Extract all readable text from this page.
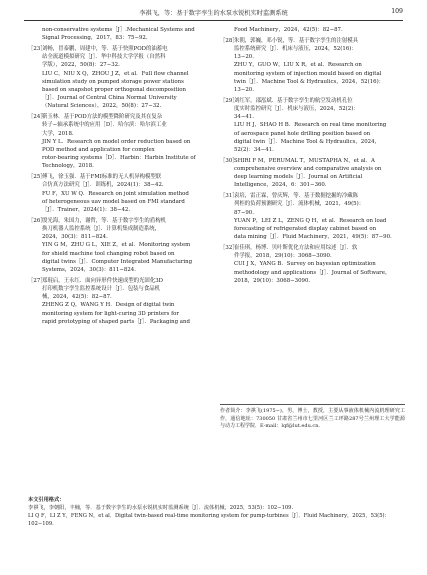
李祺飞，等：基于数字孪生的水泵水锐机实时监测系统	109
non-conservative systems［J］.Mechanical Systems and
Signal Processing，2017，83：75−92.
［23］
刘畅，冒泰鹏，周建中，等．基于快照POD的油蓄电
站全流道模拟研究［J］．华中科技大学学报（自然科
学版），2022，50(8)：27−32.
LIU C，NIU X Q，ZHOU J Z，et al．Full flow channel
simulation study on pumped storage power stations
based on snapshot proper orthogonal decomposition
［J］．Journal of Central China Normal University
（Natural Sciences），2022，50(8)：27−32.
［24］
靳玉林．基于POD方法的模型降阶研究及其在复杂
转子−轴承系统中的应用［D］．哈尔滨：哈尔滨工业
大学，2018.
JIN Y L．Research on model order reduction based on
POD method and application for complex
rotor-bearing systems［D］．Harbin：Harbin Institute of
Technology，2018.
［25］
傅飞，徐玉强．基于FMI标准的无人机异构模型联
合仿真方法研究［J］．训练机，2024(1)：38−42.
FU F，XU W Q．Research on joint simulation method
of heterogeneous uav model based on FMI standard
［J］．Trainer，2024(1)：38−42.
［26］
殷光海，朱国力，谢哲，等．基于数字孪生的盾构机
换刀机器人监控系统［J］．计算机集成制造系统，
2024，30(3)：811−824.
YIN G M，ZHU G L，XIE Z，et al．Monitoring system
for shield machine tool changing robot based on
digital twins［J］．Computer Integrated Manufacturing
Systems，2024，30(3)：811−824.
［27］
郑琨启，王永红．面向异形件快速成型的光固化3D
打印机数字孪生监控系统设计［J］．包装与食品机
械，2024，42(5)：82−87.
ZHENG Z Q，WANG Y H．Design of digital twin
monitoring system for light-curing 3D printers for
rapid prototyping of shaped parts［J］．Packaging and
Food Machinery，2024，42(5)：82−87.
［28］
朱朝，郭巍，邓小锐，等．基于数字孪生的注射模具
监控系统研究［J］．机床与液压，2024，52(16)：
13−20.
ZHU Y，GUO W，LIU X R，et al．Research on
monitoring system of injection mould based on digital
twin［J］．Machine Tool & Hydraulics，2024，52(16)：
13−20.
［29］
刘红军，邵泓斌．基于数字孪生的航空发动机孔位
度实时监控研究［J］．机床与液压，2024，52(2)：
34−41.
LIU H J，SHAO H B．Research on real time monitoring
of aerospace panel hole drilling position based on
digital twin［J］．Machine Tool & Hydraulics，2024，
52(2)：34−41.
［30］
SHIRI F M，PERUMAL T，MUSTAPHA N，et al．A
comprehensive overview and comparative analysis on
deep learning models［J］．Journal on Artificial
Intelligence，2024，6：301−360.
［31］
袁培，雷正霖，曾庆辉，等．基于数据挖掘的冷藏陈
列柜的负荷预测研究［J］．流体机械，2021，49(5)：
87−90.
YUAN P，LEI Z L，ZENG Q H，et al．Research on load
forecasting of refrigerated display cabinet based on
data mining［J］．Fluid Machinery，2021，49(5)：87−90.
［32］
崔佳琪，杨博．贝叶斯优化方法和应用综述［J］．软
件学报，2018，29(10)：3068−3090.
CUI J X，YANG B．Survey on bayesian optimization
methodology and applications［J］．Journal of Software，
2018，29(10)：3068−3090.
作者简介：李祺飞(1975−)，男，博士，教授，主要从事液体机械内流机理研究工作，通信地址：730050 甘肃省兰州市七里河区兰工坪路287号兰州理工大学能源与动力工程学院．E-mail：lqf@lut.edu.cn.
本文引用格式：
李祺飞，李朝阳，丰楠，等．基于数字孪生的水泵水锐机实时监测系统［J］．流体机械，2025，53(5)：102−109.
LI Q F，LI Z Y，FENG N，et al．Digital twin-based real-time monitoring system for pump-turbines［J］．Fluid Machinery，2025，53(5)：102−109.
